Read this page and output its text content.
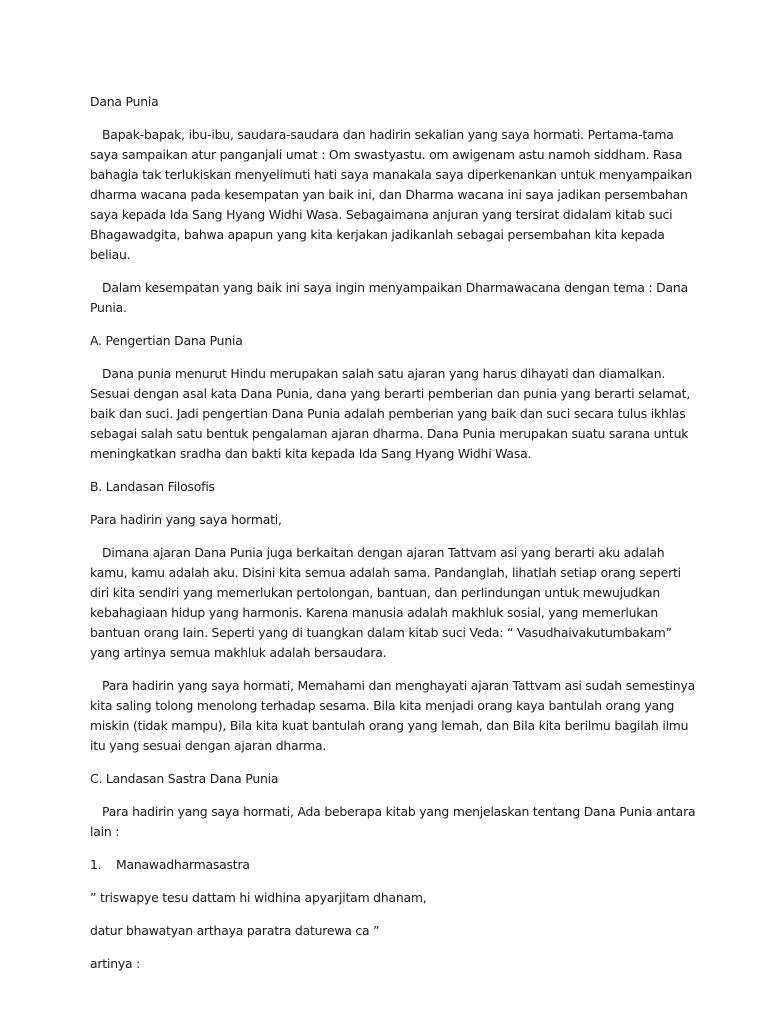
Dana Punia

Bapak-bapak, ibu-ibu, saudara-saudara dan hadirin sekalian yang saya hormati. Pertama-tama saya sampaikan atur panganjali umat : Om swastyastu. om awigenam astu namoh siddham. Rasa bahagia tak terlukiskan menyelimuti hati saya manakala saya diperkenankan untuk menyampaikan dharma wacana pada kesempatan yan baik ini, dan Dharma wacana ini saya jadikan persembahan saya kepada Ida Sang Hyang Widhi Wasa. Sebagaimana anjuran yang tersirat didalam kitab suci Bhagawadgita, bahwa apapun yang kita kerjakan jadikanlah sebagai persembahan kita kepada beliau.

Dalam kesempatan yang baik ini saya ingin menyampaikan Dharmawacana dengan tema : Dana Punia.

A. Pengertian Dana Punia

Dana punia menurut Hindu merupakan salah satu ajaran yang harus dihayati dan diamalkan. Sesuai dengan asal kata Dana Punia, dana yang berarti pemberian dan punia yang berarti selamat, baik dan suci. Jadi pengertian Dana Punia adalah pemberian yang baik dan suci secara tulus ikhlas sebagai salah satu bentuk pengalaman ajaran dharma. Dana Punia merupakan suatu sarana untuk meningkatkan sradha dan bakti kita kepada Ida Sang Hyang Widhi Wasa.

B. Landasan Filosofis

Para hadirin yang saya hormati,

Dimana ajaran Dana Punia juga berkaitan dengan ajaran Tattvam asi yang berarti aku adalah kamu, kamu adalah aku. Disini kita semua adalah sama. Pandanglah, lihatlah setiap orang seperti diri kita sendiri yang memerlukan pertolongan, bantuan, dan perlindungan untuk mewujudkan kebahagiaan hidup yang harmonis. Karena manusia adalah makhluk sosial, yang memerlukan bantuan orang lain. Seperti yang di tuangkan dalam kitab suci Veda: “ Vasudhaivakutumbakam” yang artinya semua makhluk adalah bersaudara.

Para hadirin yang saya hormati, Memahami dan menghayati ajaran Tattvam asi sudah semestinya kita saling tolong menolong terhadap sesama. Bila kita menjadi orang kaya bantulah orang yang miskin (tidak mampu), Bila kita kuat bantulah orang yang lemah, dan Bila kita berilmu bagilah ilmu itu yang sesuai dengan ajaran dharma.

C. Landasan Sastra Dana Punia

Para hadirin yang saya hormati, Ada beberapa kitab yang menjelaskan tentang Dana Punia antara lain :

1. Manawadharmasastra

” triswapye tesu dattam hi widhina apyarjitam dhanam,

datur bhawatyan arthaya paratra daturewa ca ”

artinya :
